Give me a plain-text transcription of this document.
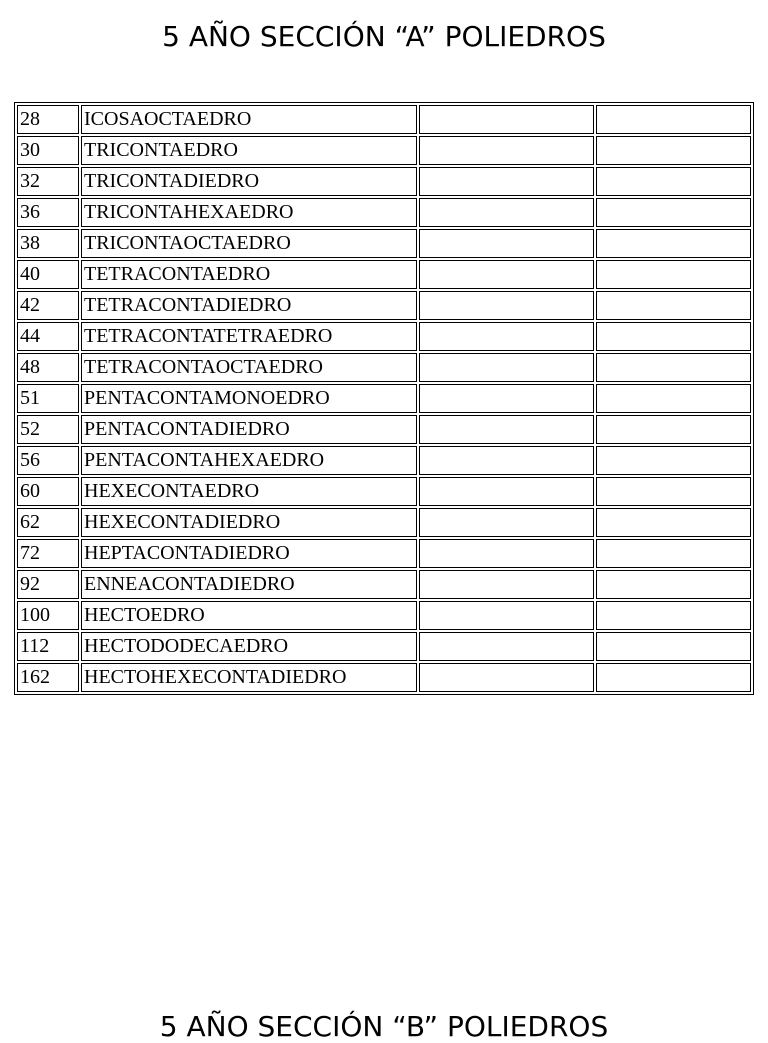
5 AÑO SECCIÓN “A” POLIEDROS
28	ICOSAOCTAEDRO		
30	TRICONTAEDRO		
32	TRICONTADIEDRO		
36	TRICONTAHEXAEDRO		
38	TRICONTAOCTAEDRO		
40	TETRACONTAEDRO		
42	TETRACONTADIEDRO		
44	TETRACONTATETRAEDRO		
48	TETRACONTAOCTAEDRO		
51	PENTACONTAMONOEDRO		
52	PENTACONTADIEDRO		
56	PENTACONTAHEXAEDRO		
60	HEXECONTAEDRO		
62	HEXECONTADIEDRO		
72	HEPTACONTADIEDRO		
92	ENNEACONTADIEDRO		
100	HECTOEDRO		
112	HECTODODECAEDRO		
162	HECTOHEXECONTADIEDRO		
5 AÑO SECCIÓN “B” POLIEDROS
